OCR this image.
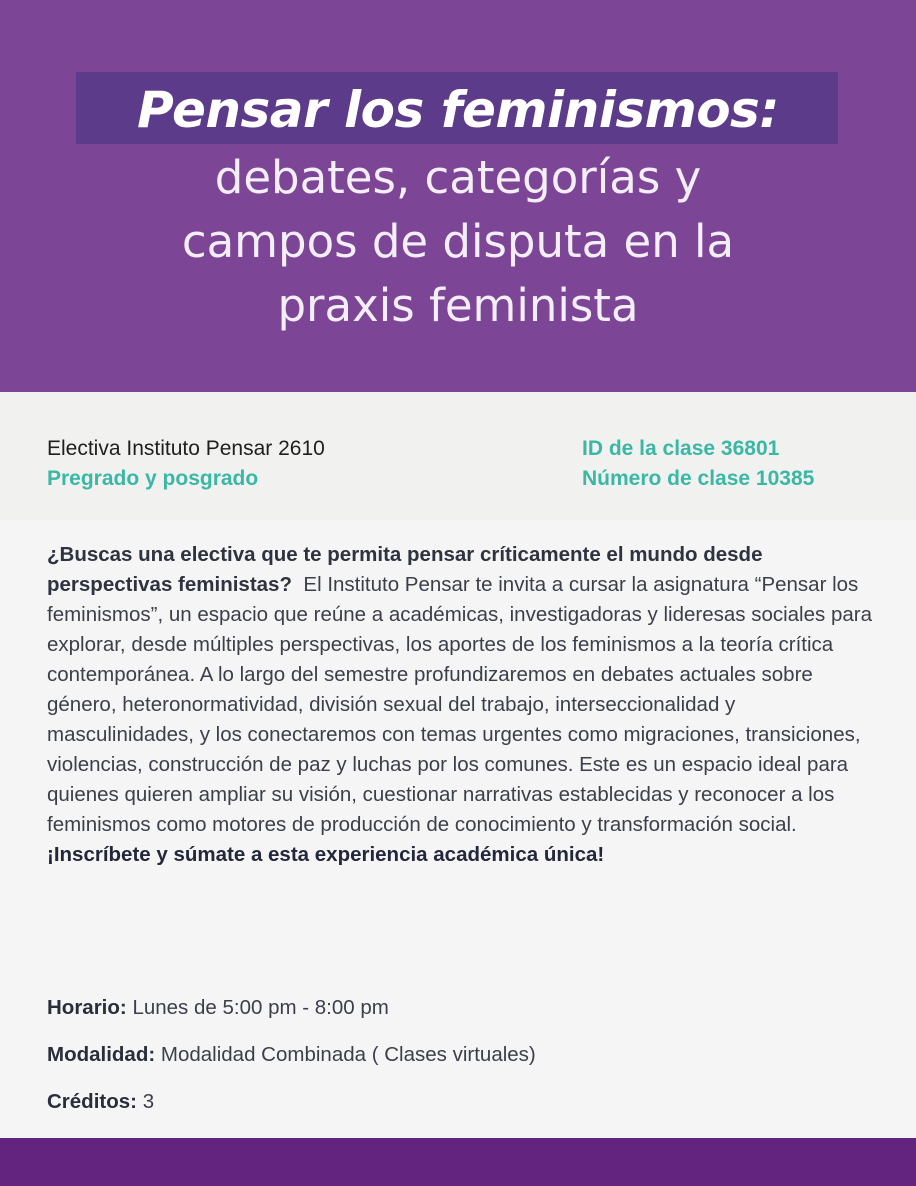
Pensar los feminismos:
debates, categorías y
campos de disputa en la
praxis feminista
Electiva Instituto Pensar 2610
Pregrado y posgrado
ID de la clase 36801
Número de clase 10385

¿Buscas una electiva que te permita pensar críticamente el mundo desde perspectivas feministas? El Instituto Pensar te invita a cursar la asignatura “Pensar los feminismos”, un espacio que reúne a académicas, investigadoras y lideresas sociales para explorar, desde múltiples perspectivas, los aportes de los feminismos a la teoría crítica contemporánea. A lo largo del semestre profundizaremos en debates actuales sobre género, heteronormatividad, división sexual del trabajo, interseccionalidad y masculinidades, y los conectaremos con temas urgentes como migraciones, transiciones, violencias, construcción de paz y luchas por los comunes. Este es un espacio ideal para quienes quieren ampliar su visión, cuestionar narrativas establecidas y reconocer a los feminismos como motores de producción de conocimiento y transformación social. ¡Inscríbete y súmate a esta experiencia académica única!

Horario: Lunes de 5:00 pm - 8:00 pm
Modalidad: Modalidad Combinada ( Clases virtuales)
Créditos: 3
